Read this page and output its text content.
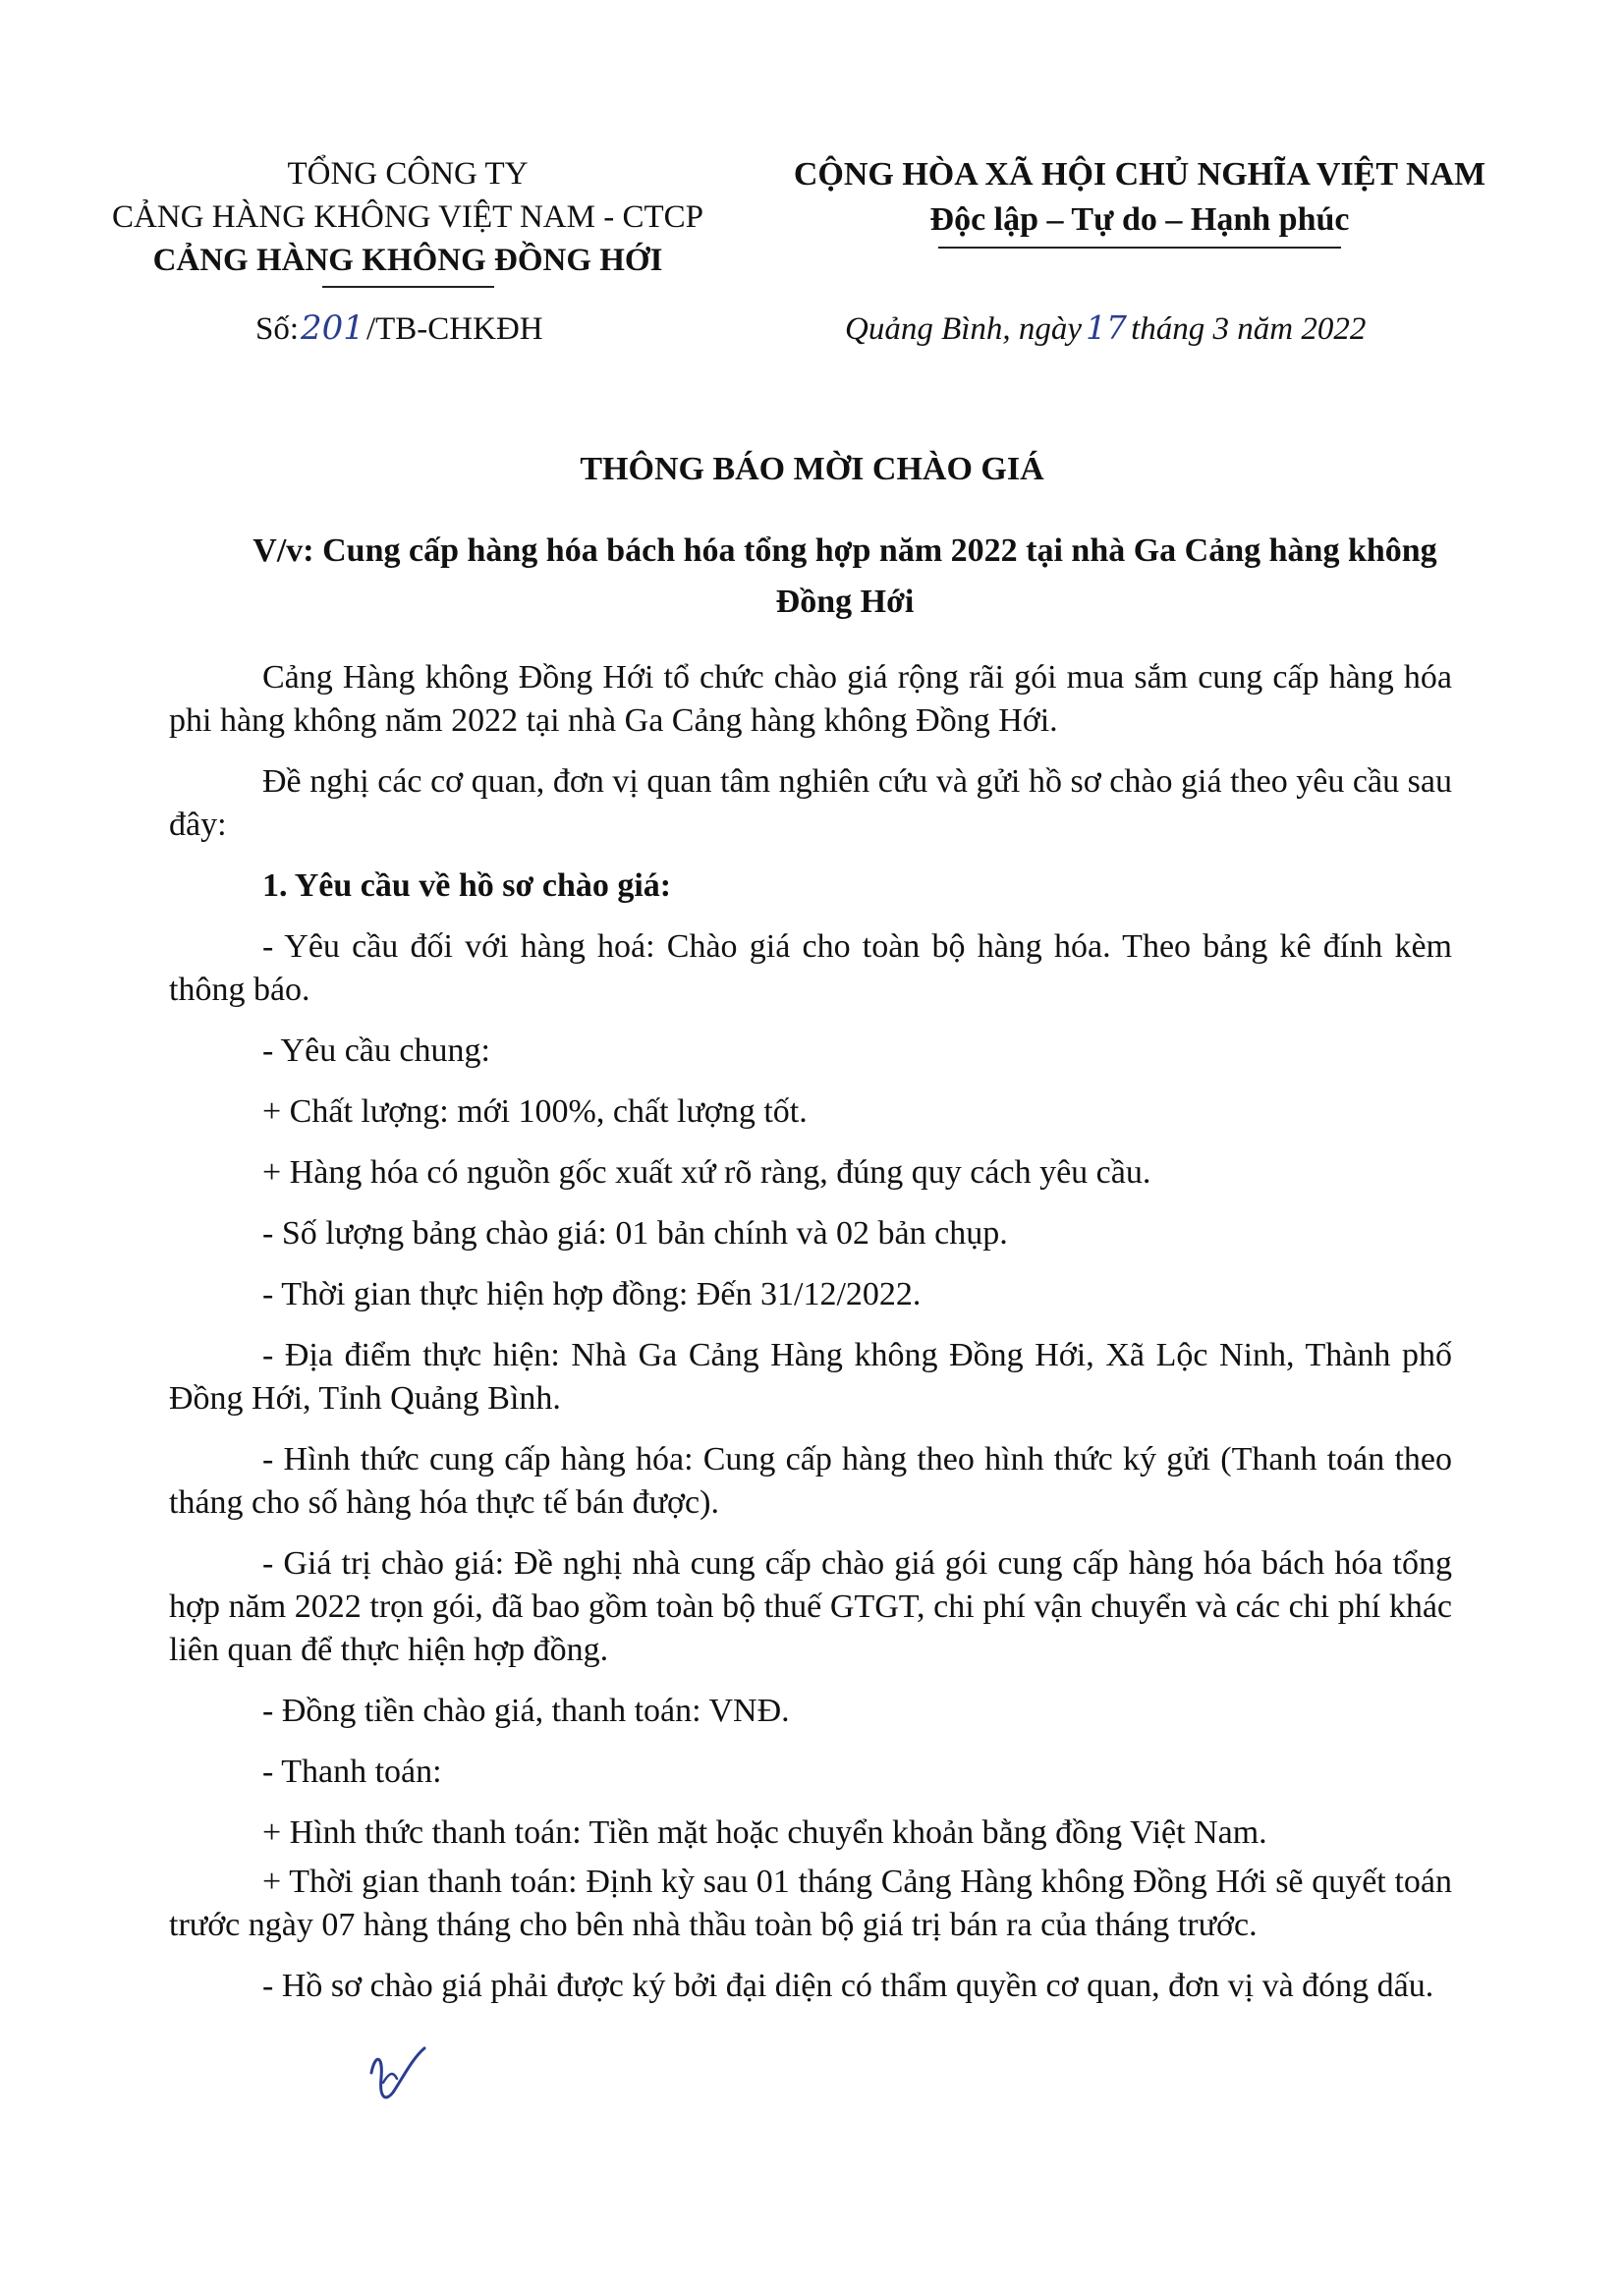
TỔNG CÔNG TY
CẢNG HÀNG KHÔNG VIỆT NAM - CTCP
CẢNG HÀNG KHÔNG ĐỒNG HỚI
CỘNG HÒA XÃ HỘI CHỦ NGHĨA VIỆT NAM
Độc lập – Tự do – Hạnh phúc
Số:201/TB-CHKĐH	Quảng Bình, ngày 17 tháng 3 năm 2022
THÔNG BÁO MỜI CHÀO GIÁ
V/v: Cung cấp hàng hóa bách hóa tổng hợp năm 2022 tại nhà Ga Cảng hàng không Đồng Hới

Cảng Hàng không Đồng Hới tổ chức chào giá rộng rãi gói mua sắm cung cấp hàng hóa phi hàng không năm 2022 tại nhà Ga Cảng hàng không Đồng Hới.

Đề nghị các cơ quan, đơn vị quan tâm nghiên cứu và gửi hồ sơ chào giá theo yêu cầu sau đây:

1. Yêu cầu về hồ sơ chào giá:

- Yêu cầu đối với hàng hoá: Chào giá cho toàn bộ hàng hóa. Theo bảng kê đính kèm thông báo.

- Yêu cầu chung:

+ Chất lượng: mới 100%, chất lượng tốt.

+ Hàng hóa có nguồn gốc xuất xứ rõ ràng, đúng quy cách yêu cầu.

- Số lượng bảng chào giá: 01 bản chính và 02 bản chụp.

- Thời gian thực hiện hợp đồng: Đến 31/12/2022.

- Địa điểm thực hiện: Nhà Ga Cảng Hàng không Đồng Hới, Xã Lộc Ninh, Thành phố Đồng Hới, Tỉnh Quảng Bình.

- Hình thức cung cấp hàng hóa: Cung cấp hàng theo hình thức ký gửi (Thanh toán theo tháng cho số hàng hóa thực tế bán được).

- Giá trị chào giá: Đề nghị nhà cung cấp chào giá gói cung cấp hàng hóa bách hóa tổng hợp năm 2022 trọn gói, đã bao gồm toàn bộ thuế GTGT, chi phí vận chuyển và các chi phí khác liên quan để thực hiện hợp đồng.

- Đồng tiền chào giá, thanh toán: VNĐ.

- Thanh toán:

+ Hình thức thanh toán: Tiền mặt hoặc chuyển khoản bằng đồng Việt Nam.

+ Thời gian thanh toán: Định kỳ sau 01 tháng Cảng Hàng không Đồng Hới sẽ quyết toán trước ngày 07 hàng tháng cho bên nhà thầu toàn bộ giá trị bán ra của tháng trước.

- Hồ sơ chào giá phải được ký bởi đại diện có thẩm quyền cơ quan, đơn vị và đóng dấu.
